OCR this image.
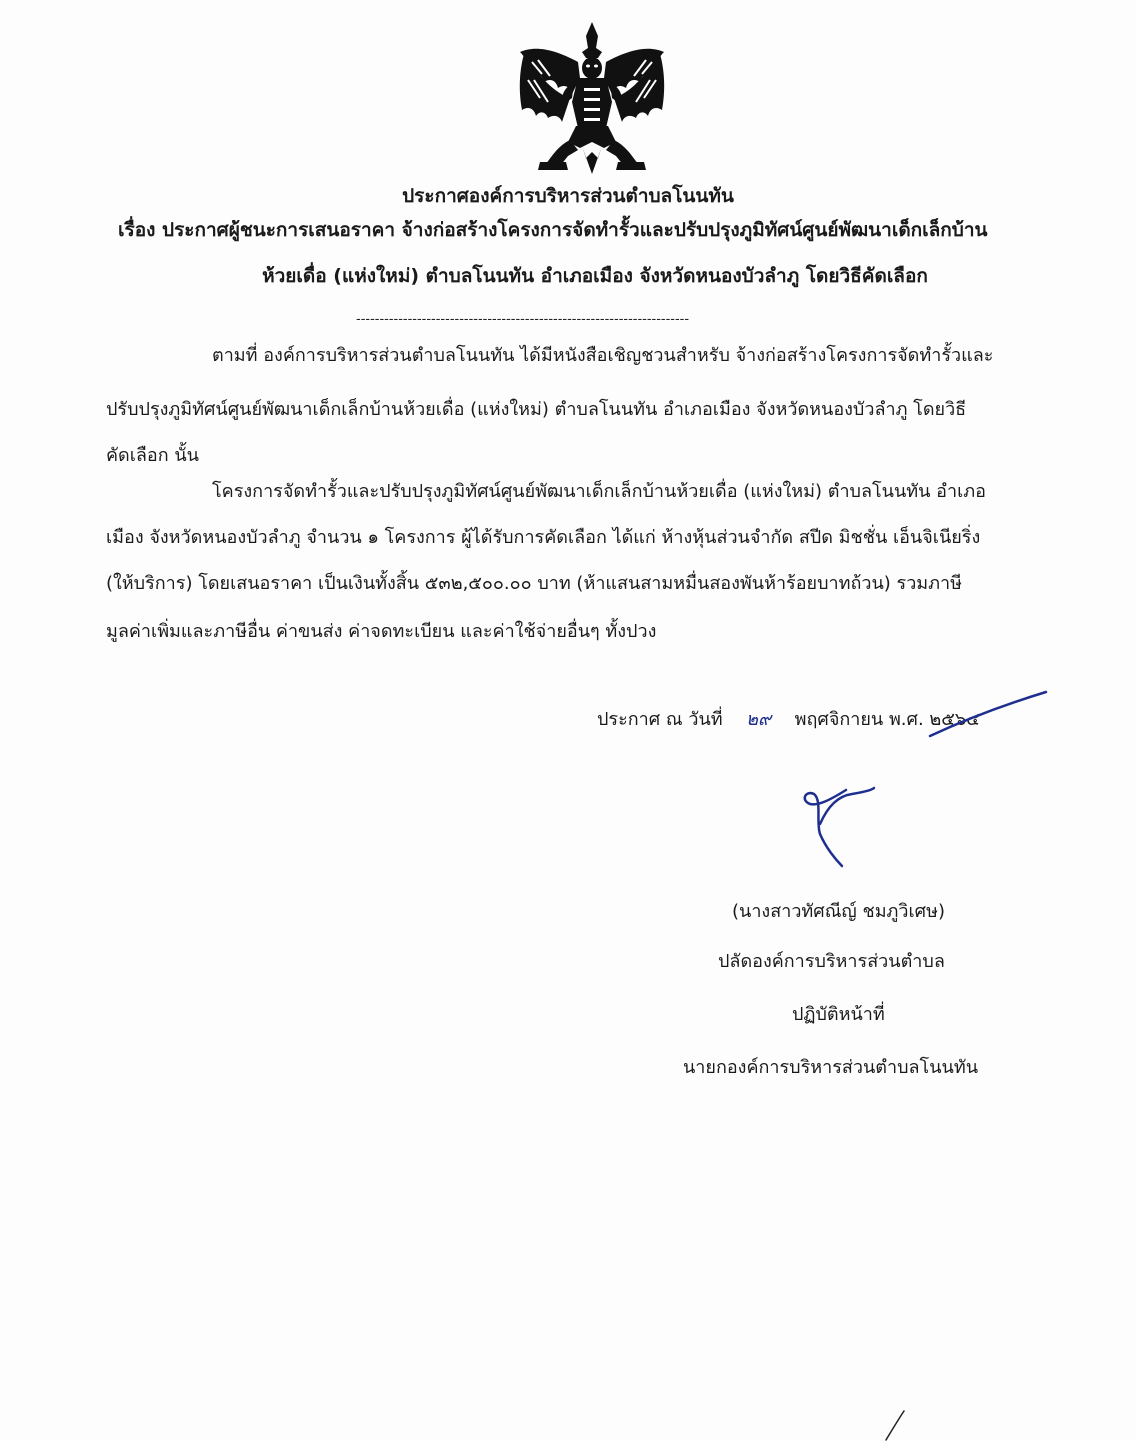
ประกาศองค์การบริหารส่วนตำบลโนนทัน
เรื่อง ประกาศผู้ชนะการเสนอราคา จ้างก่อสร้างโครงการจัดทำรั้วและปรับปรุงภูมิทัศน์ศูนย์พัฒนาเด็กเล็กบ้าน
ห้วยเดื่อ (แห่งใหม่) ตำบลโนนทัน อำเภอเมือง จังหวัดหนองบัวลำภู โดยวิธีคัดเลือก
-----------------------------------------------------------------------
ตามที่ องค์การบริหารส่วนตำบลโนนทัน ได้มีหนังสือเชิญชวนสำหรับ จ้างก่อสร้างโครงการจัดทำรั้วและ
ปรับปรุงภูมิทัศน์ศูนย์พัฒนาเด็กเล็กบ้านห้วยเดื่อ (แห่งใหม่) ตำบลโนนทัน อำเภอเมือง จังหวัดหนองบัวลำภู โดยวิธี
คัดเลือก นั้น
โครงการจัดทำรั้วและปรับปรุงภูมิทัศน์ศูนย์พัฒนาเด็กเล็กบ้านห้วยเดื่อ (แห่งใหม่) ตำบลโนนทัน อำเภอ
เมือง จังหวัดหนองบัวลำภู จำนวน ๑ โครงการ ผู้ได้รับการคัดเลือก ได้แก่ ห้างหุ้นส่วนจำกัด สปีด มิชชั่น เอ็นจิเนียริ่ง
(ให้บริการ) โดยเสนอราคา เป็นเงินทั้งสิ้น ๕๓๒,๕๐๐.๐๐ บาท (ห้าแสนสามหมื่นสองพันห้าร้อยบาทถ้วน) รวมภาษี
มูลค่าเพิ่มและภาษีอื่น ค่าขนส่ง ค่าจดทะเบียน และค่าใช้จ่ายอื่นๆ ทั้งปวง
ประกาศ ณ วันที่ ๒๙ พฤศจิกายน พ.ศ. ๒๕๖๔
(นางสาวทัศณีญ์ ชมภูวิเศษ)
ปลัดองค์การบริหารส่วนตำบล
ปฏิบัติหน้าที่
นายกองค์การบริหารส่วนตำบลโนนทัน
